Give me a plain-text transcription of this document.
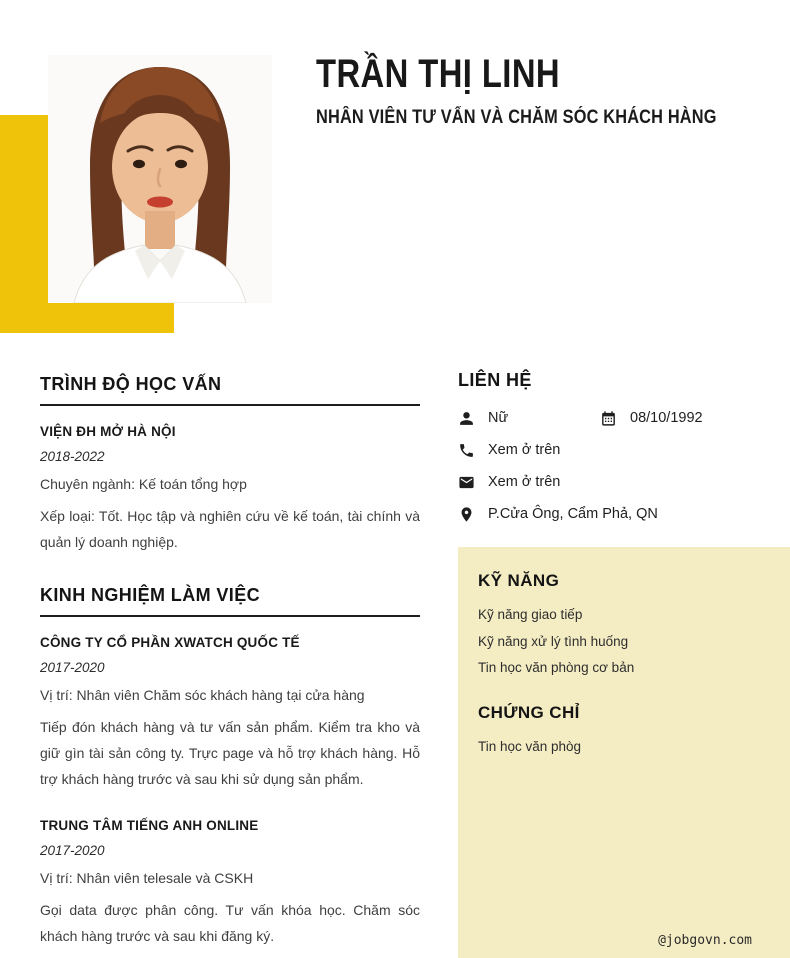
TRẦN THỊ LINH
NHÂN VIÊN TƯ VẤN VÀ CHĂM SÓC KHÁCH HÀNG
TRÌNH ĐỘ HỌC VẤN
VIỆN ĐH MỞ HÀ NỘI
2018-2022
Chuyên ngành: Kế toán tổng hợp
Xếp loại: Tốt. Học tập và nghiên cứu về kế toán, tài chính và quản lý doanh nghiệp.
KINH NGHIỆM LÀM VIỆC
CÔNG TY CỔ PHẦN XWATCH QUỐC TẾ
2017-2020
Vị trí: Nhân viên Chăm sóc khách hàng tại cửa hàng
Tiếp đón khách hàng và tư vấn sản phẩm. Kiểm tra kho và giữ gìn tài sản công ty. Trực page và hỗ trợ khách hàng. Hỗ trợ khách hàng trước và sau khi sử dụng sản phẩm.
TRUNG TÂM TIẾNG ANH ONLINE
2017-2020
Vị trí: Nhân viên telesale và CSKH
Gọi data được phân công. Tư vấn khóa học. Chăm sóc khách hàng trước và sau khi đăng ký.
LIÊN HỆ
Nữ	08/10/1992
Xem ở trên
Xem ở trên
P.Cửa Ông, Cẩm Phả, QN
KỸ NĂNG
Kỹ năng giao tiếp
Kỹ năng xử lý tình huống
Tin học văn phòng cơ bản
CHỨNG CHỈ
Tin học văn phòg
@jobgovn.com
